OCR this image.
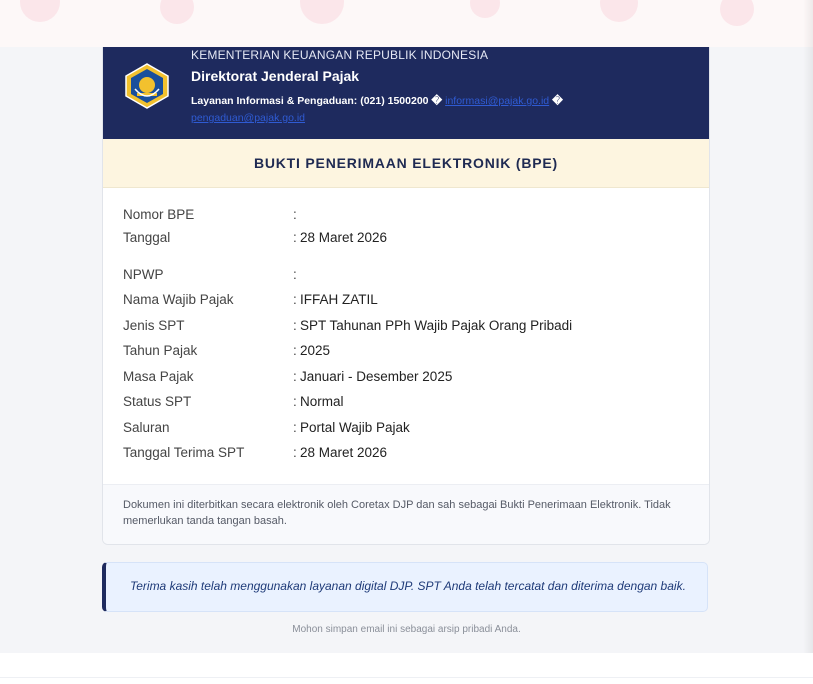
KEMENTERIAN KEUANGAN REPUBLIK INDONESIA
Direktorat Jenderal Pajak
Layanan Informasi & Pengaduan: (021) 1500200 � informasi@pajak.go.id �
pengaduan@pajak.go.id
BUKTI PENERIMAAN ELEKTRONIK (BPE)
Nomor BPE	:
Tanggal	: 28 Maret 2026
NPWP	:
Nama Wajib Pajak	: IFFAH ZATIL
Jenis SPT	: SPT Tahunan PPh Wajib Pajak Orang Pribadi
Tahun Pajak	: 2025
Masa Pajak	: Januari - Desember 2025
Status SPT	: Normal
Saluran	: Portal Wajib Pajak
Tanggal Terima SPT	: 28 Maret 2026

Dokumen ini diterbitkan secara elektronik oleh Coretax DJP dan sah sebagai Bukti Penerimaan Elektronik. Tidak memerlukan tanda tangan basah.

Terima kasih telah menggunakan layanan digital DJP. SPT Anda telah tercatat dan diterima dengan baik.

Mohon simpan email ini sebagai arsip pribadi Anda.
